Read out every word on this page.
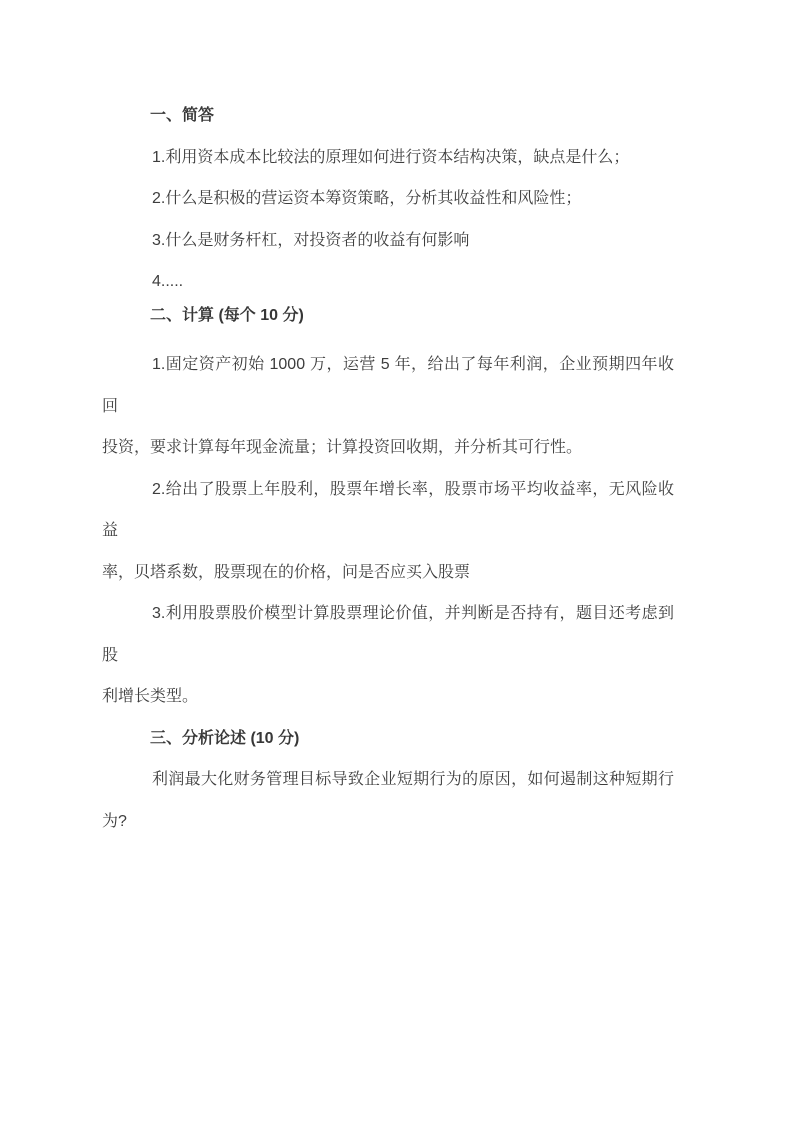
一、简答
1.利用资本成本比较法的原理如何进行资本结构决策，缺点是什么；
2.什么是积极的营运资本筹资策略，分析其收益性和风险性；
3.什么是财务杆杠，对投资者的收益有何影响
4.....
二、计算 (每个 10 分)
1.固定资产初始 1000 万，运营 5 年，给出了每年利润，企业预期四年收回
投资，要求计算每年现金流量；计算投资回收期，并分析其可行性。
2.给出了股票上年股利，股票年增长率，股票市场平均收益率，无风险收益
率，贝塔系数，股票现在的价格，问是否应买入股票
3.利用股票股价模型计算股票理论价值，并判断是否持有，题目还考虑到股
利增长类型。
三、分析论述 (10 分)
利润最大化财务管理目标导致企业短期行为的原因，如何遏制这种短期行
为?
